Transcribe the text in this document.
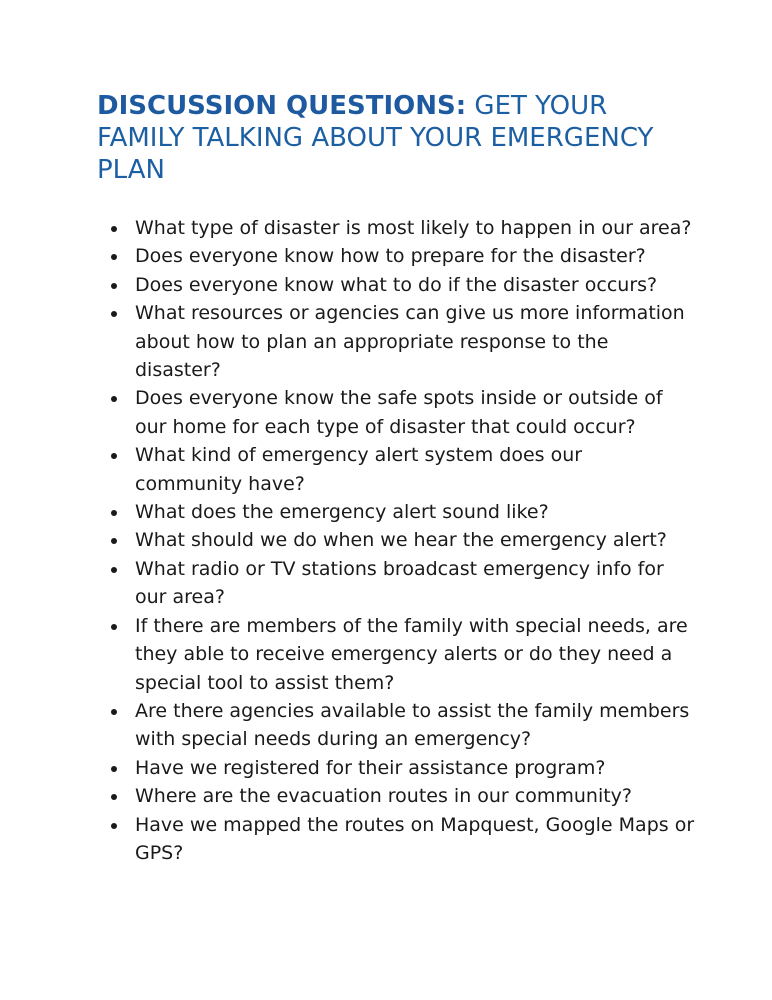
DISCUSSION QUESTIONS: GET YOUR FAMILY TALKING ABOUT YOUR EMERGENCY PLAN
What type of disaster is most likely to happen in our area?
Does everyone know how to prepare for the disaster?
Does everyone know what to do if the disaster occurs?
What resources or agencies can give us more information about how to plan an appropriate response to the disaster?
Does everyone know the safe spots inside or outside of our home for each type of disaster that could occur?
What kind of emergency alert system does our community have?
What does the emergency alert sound like?
What should we do when we hear the emergency alert?
What radio or TV stations broadcast emergency info for our area?
If there are members of the family with special needs, are they able to receive emergency alerts or do they need a special tool to assist them?
Are there agencies available to assist the family members with special needs during an emergency?
Have we registered for their assistance program?
Where are the evacuation routes in our community?
Have we mapped the routes on Mapquest, Google Maps or GPS?
